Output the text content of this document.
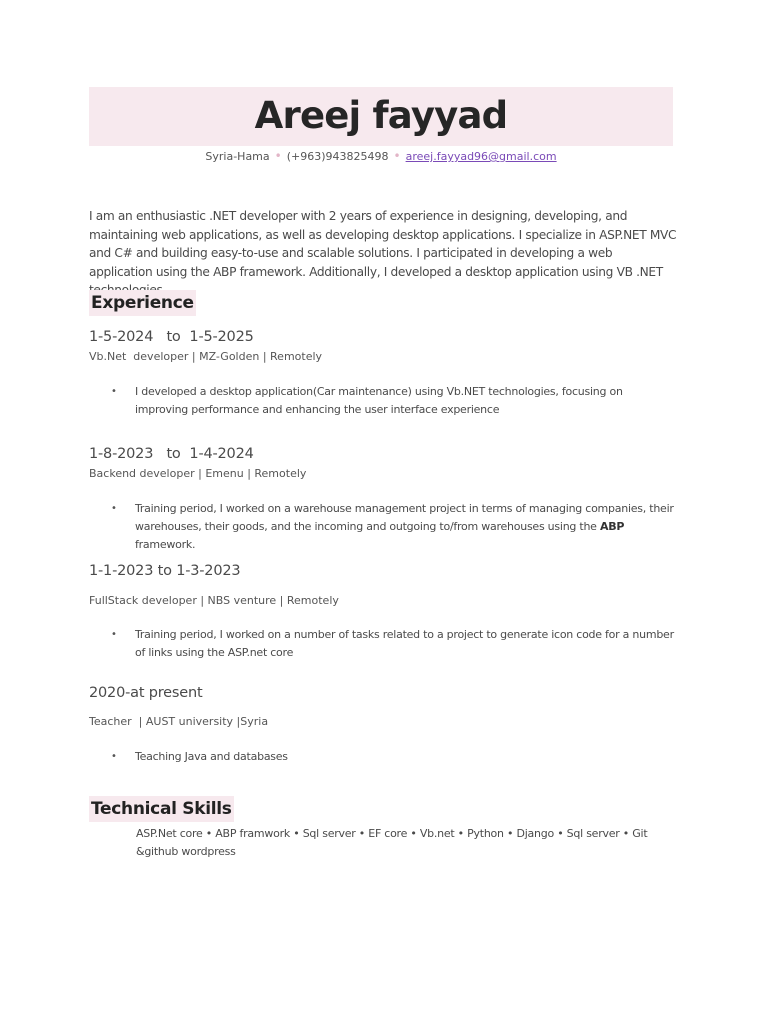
Areej fayyad
Syria-Hama • (+963)943825498 • areej.fayyad96@gmail.com
I am an enthusiastic .NET developer with 2 years of experience in designing, developing, and maintaining web applications, as well as developing desktop applications. I specialize in ASP.NET MVC and C# and building easy-to-use and scalable solutions. I participated in developing a web application using the ABP framework. Additionally, I developed a desktop application using VB .NET
Experience
1-5-2024   to  1-5-2025
Vb.Net  developer | MZ-Golden | Remotely
•	I developed a desktop application(Car maintenance) using Vb.NET technologies, focusing on improving performance and enhancing the user interface experience
1-8-2023   to  1-4-2024
Backend developer | Emenu | Remotely
•	Training period, I worked on a warehouse management project in terms of managing companies, their warehouses, their goods, and the incoming and outgoing to/from warehouses using the ABP framework.
1-1-2023 to 1-3-2023
FullStack developer | NBS venture | Remotely
•	Training period, I worked on a number of tasks related to a project to generate icon code for a number of links using the ASP.net core
2020-at present
Teacher  | AUST university |Syria
•	Teaching Java and databases
Technical Skills
ASP.Net core • ABP framwork • Sql server • EF core • Vb.net • Python • Django • Sql server • Git &github wordpress
